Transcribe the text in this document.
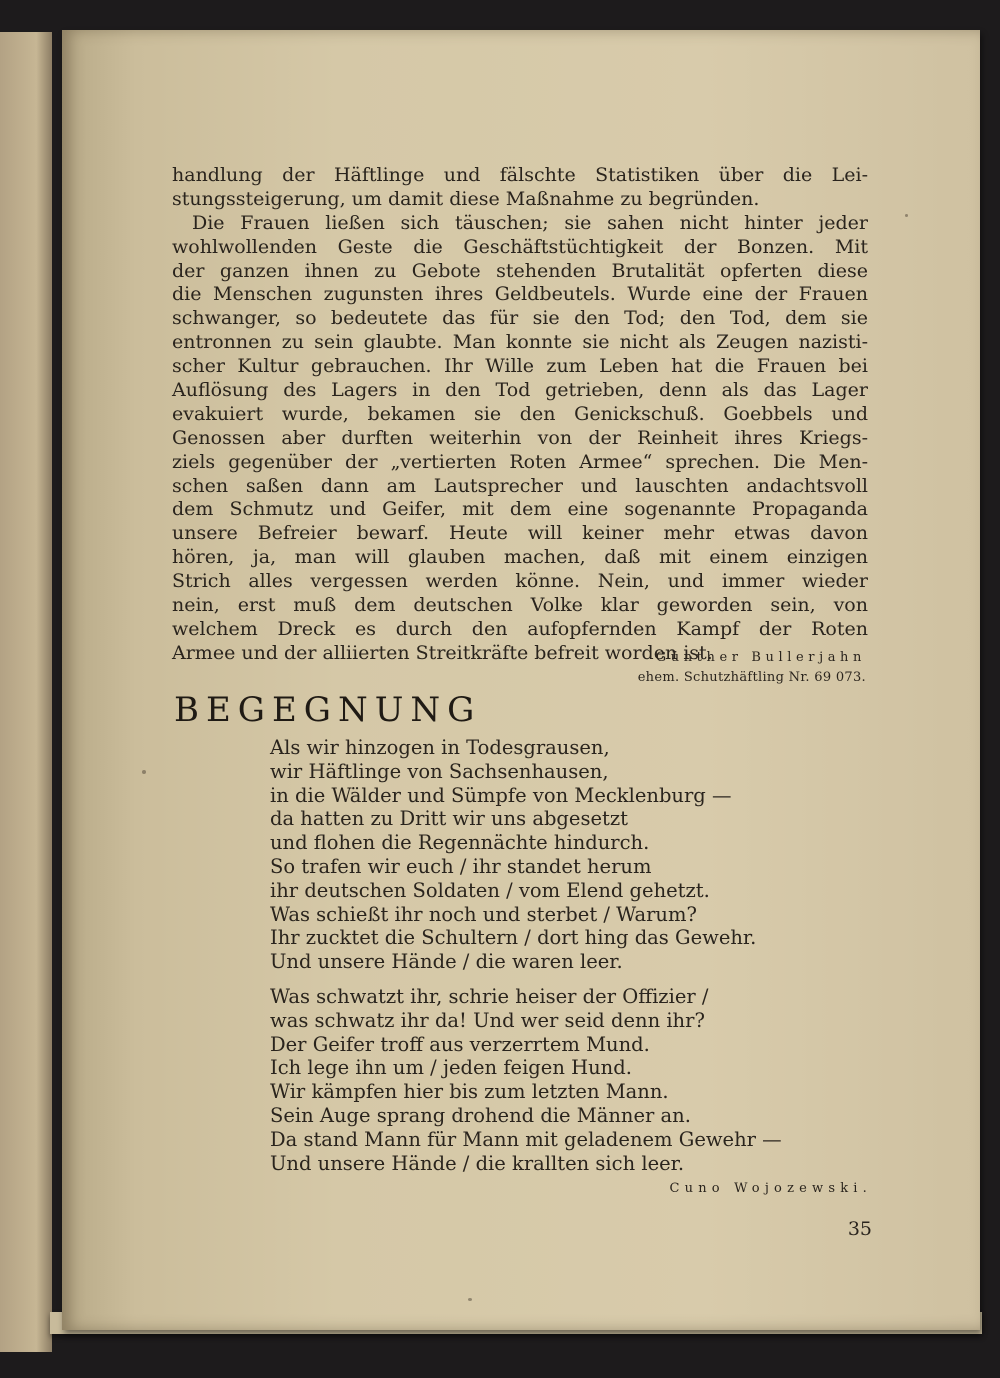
handlung der Häftlinge und fälschte Statistiken über die Lei-
stungssteigerung, um damit diese Maßnahme zu begründen.
Die Frauen ließen sich täuschen; sie sahen nicht hinter jeder
wohlwollenden Geste die Geschäftstüchtigkeit der Bonzen. Mit
der ganzen ihnen zu Gebote stehenden Brutalität opferten diese
die Menschen zugunsten ihres Geldbeutels. Wurde eine der Frauen
schwanger, so bedeutete das für sie den Tod; den Tod, dem sie
entronnen zu sein glaubte. Man konnte sie nicht als Zeugen nazisti-
scher Kultur gebrauchen. Ihr Wille zum Leben hat die Frauen bei
Auflösung des Lagers in den Tod getrieben, denn als das Lager
evakuiert wurde, bekamen sie den Genickschuß. Goebbels und
Genossen aber durften weiterhin von der Reinheit ihres Kriegs-
ziels gegenüber der „vertierten Roten Armee“ sprechen. Die Men-
schen saßen dann am Lautsprecher und lauschten andachtsvoll
dem Schmutz und Geifer, mit dem eine sogenannte Propaganda
unsere Befreier bewarf. Heute will keiner mehr etwas davon
hören, ja, man will glauben machen, daß mit einem einzigen
Strich alles vergessen werden könne. Nein, und immer wieder
nein, erst muß dem deutschen Volke klar geworden sein, von
welchem Dreck es durch den aufopfernden Kampf der Roten
Armee und der alliierten Streitkräfte befreit worden ist.
Günther Bullerjahn
ehem. Schutzhäftling Nr. 69 073.
BEGEGNUNG
Als wir hinzogen in Todesgrausen,
wir Häftlinge von Sachsenhausen,
in die Wälder und Sümpfe von Mecklenburg —
da hatten zu Dritt wir uns abgesetzt
und flohen die Regennächte hindurch.
So trafen wir euch / ihr standet herum
ihr deutschen Soldaten / vom Elend gehetzt.
Was schießt ihr noch und sterbet / Warum?
Ihr zucktet die Schultern / dort hing das Gewehr.
Und unsere Hände / die waren leer.
Was schwatzt ihr, schrie heiser der Offizier /
was schwatz ihr da! Und wer seid denn ihr?
Der Geifer troff aus verzerrtem Mund.
Ich lege ihn um / jeden feigen Hund.
Wir kämpfen hier bis zum letzten Mann.
Sein Auge sprang drohend die Männer an.
Da stand Mann für Mann mit geladenem Gewehr —
Und unsere Hände / die krallten sich leer.
Cuno Wojozewski.
35
